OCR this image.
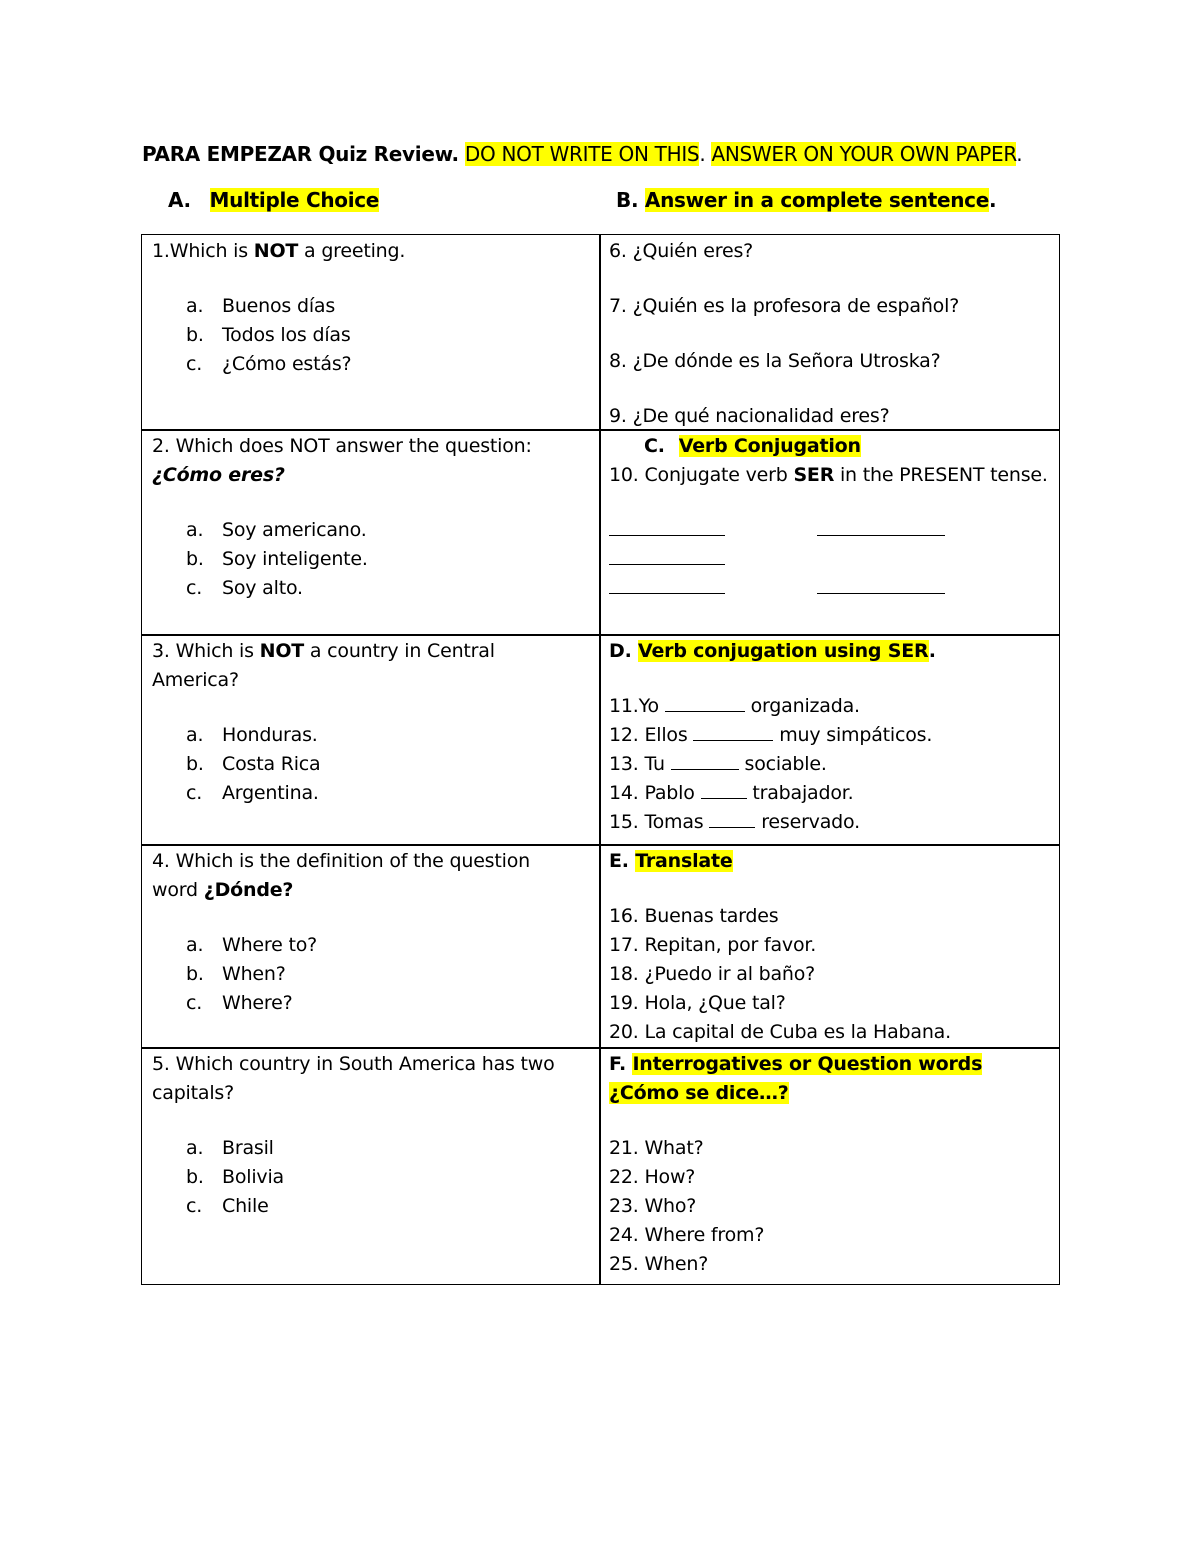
PARA EMPEZAR Quiz Review. DO NOT WRITE ON THIS. ANSWER ON YOUR OWN PAPER.
A. Multiple Choice	B. Answer in a complete sentence.
1.Which is NOT a greeting.
a. Buenos días
b. Todos los días
c. ¿Cómo estás?
2. Which does NOT answer the question:
¿Cómo eres?
a. Soy americano.
b. Soy inteligente.
c. Soy alto.
3. Which is NOT a country in Central
America?
a. Honduras.
b. Costa Rica
c. Argentina.
4. Which is the definition of the question
word ¿Dónde?
a. Where to?
b. When?
c. Where?
5. Which country in South America has two
capitals?
a. Brasil
b. Bolivia
c. Chile
6. ¿Quién eres?
7. ¿Quién es la profesora de español?
8. ¿De dónde es la Señora Utroska?
9. ¿De qué nacionalidad eres?
C. Verb Conjugation
10. Conjugate verb SER in the PRESENT tense.
D. Verb conjugation using SER.
11.Yo	organizada.
12. Ellos	muy simpáticos.
13. Tu	sociable.
14. Pablo  trabajador.
15. Tomas  reservado.
E. Translate
16. Buenas tardes
17. Repitan, por favor.
18. ¿Puedo ir al baño?
19. Hola, ¿Que tal?
20. La capital de Cuba es la Habana.
F. Interrogatives or Question words
¿Cómo se dice…?
21. What?
22. How?
23. Who?
24. Where from?
25. When?
